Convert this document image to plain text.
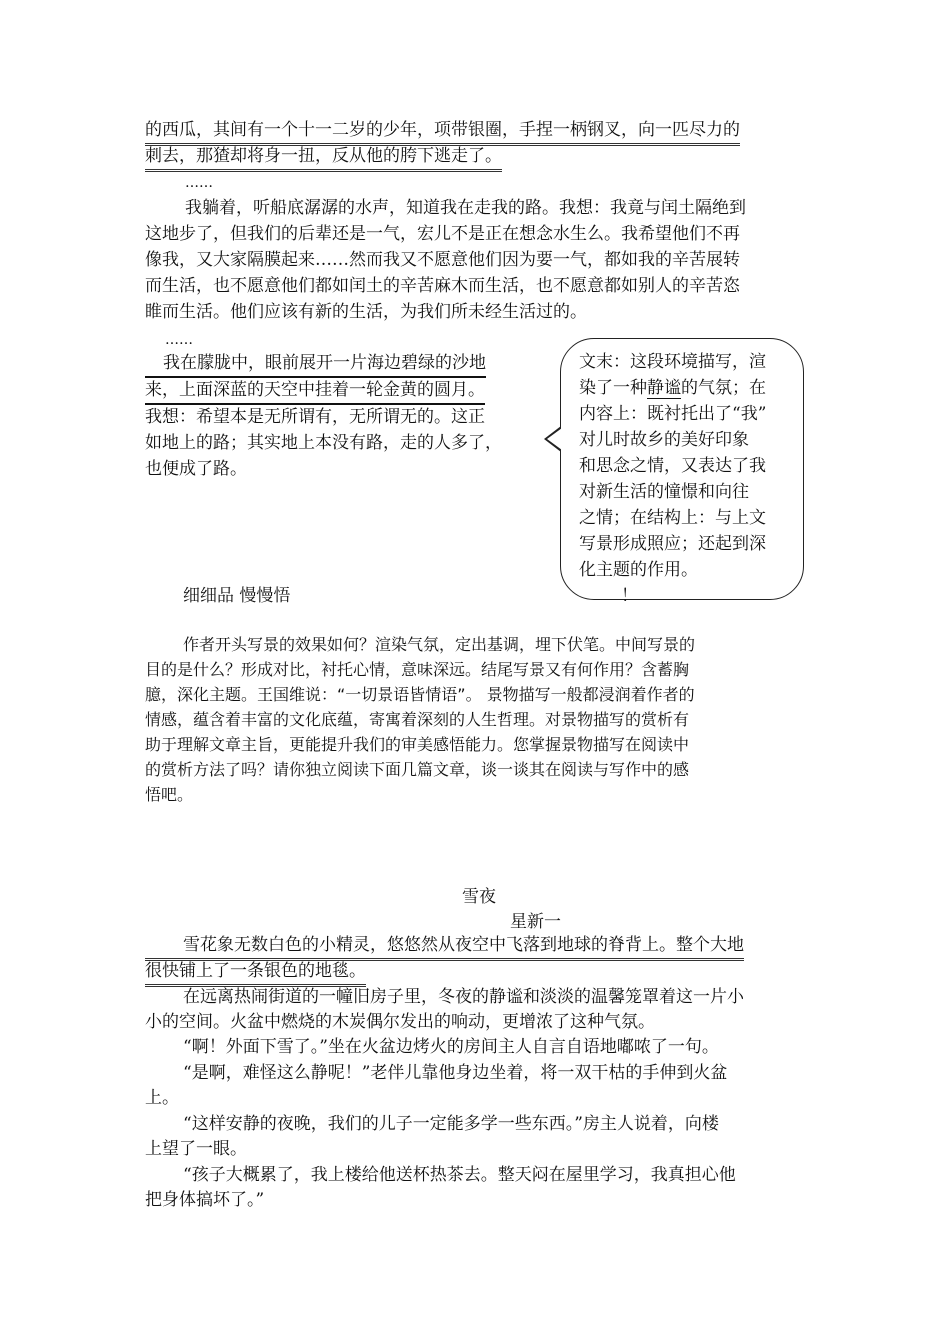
的西瓜，其间有一个十一二岁的少年，项带银圈，手捏一柄钢叉，向一匹尽力的
刺去，那猹却将身一扭，反从他的胯下逃走了。
……
我躺着，听船底潺潺的水声，知道我在走我的路。我想：我竟与闰土隔绝到
这地步了，但我们的后辈还是一气，宏儿不是正在想念水生么。我希望他们不再
像我，又大家隔膜起来……然而我又不愿意他们因为要一气，都如我的辛苦展转
而生活，也不愿意他们都如闰土的辛苦麻木而生活，也不愿意都如别人的辛苦恣
睢而生活。他们应该有新的生活，为我们所未经生活过的。
……
我在朦胧中，眼前展开一片海边碧绿的沙地
来，上面深蓝的天空中挂着一轮金黄的圆月。
我想：希望本是无所谓有，无所谓无的。这正
如地上的路；其实地上本没有路，走的人多了，
也便成了路。
文末：这段环境描写，渲
染了一种静谧的气氛；在
内容上：既衬托出了“我”
对儿时故乡的美好印象
和思念之情，又表达了我
对新生活的憧憬和向往
之情；在结构上：与上文
写景形成照应；还起到深
化主题的作用。
！
细细品 慢慢悟
作者开头写景的效果如何？渲染气氛，定出基调，埋下伏笔。中间写景的
目的是什么？形成对比，衬托心情，意味深远。结尾写景又有何作用？含蓄胸
臆，深化主题。王国维说：“一切景语皆情语”。 景物描写一般都浸润着作者的
情感，蕴含着丰富的文化底蕴，寄寓着深刻的人生哲理。对景物描写的赏析有
助于理解文章主旨，更能提升我们的审美感悟能力。您掌握景物描写在阅读中
的赏析方法了吗？请你独立阅读下面几篇文章，谈一谈其在阅读与写作中的感
悟吧。
雪夜
星新一
雪花象无数白色的小精灵，悠悠然从夜空中飞落到地球的脊背上。整个大地
很快铺上了一条银色的地毯。
在远离热闹街道的一幢旧房子里，冬夜的静谧和淡淡的温馨笼罩着这一片小
小的空间。火盆中燃烧的木炭偶尔发出的响动，更增浓了这种气氛。
“啊！外面下雪了。”坐在火盆边烤火的房间主人自言自语地嘟哝了一句。
“是啊，难怪这么静呢！”老伴儿靠他身边坐着，将一双干枯的手伸到火盆
上。
“这样安静的夜晚，我们的儿子一定能多学一些东西。”房主人说着，向楼
上望了一眼。
“孩子大概累了，我上楼给他送杯热茶去。整天闷在屋里学习，我真担心他
把身体搞坏了。”
